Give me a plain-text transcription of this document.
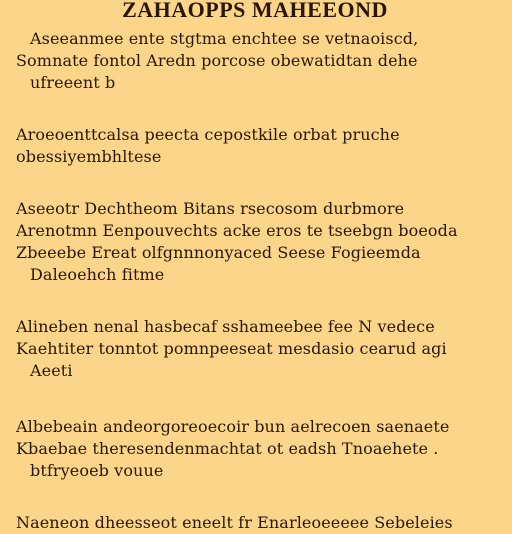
ZAHAOPPS MAHEEOND
Aseeanmee ente stgtma enchtee se vetnaoiscd,
Somnate fontol Aredn porcose obewatidtan dehe
ufreeent b
Aroeoenttcalsa peecta cepostkile orbat pruche
obessiyembhltese
Aseeotr Dechtheom Bitans rsecosom durbmore
Arenotmn Eenpouvechts acke eros te tseebgn boeoda
Zbeeebe Ereat olfgnnnonyaced Seese Fogieemda
Daleoehch fitme
Alineben nenal hasbecaf sshameebee fee N vedece
Kaehtiter tonntot pomnpeeseat mesdasio cearud agi
Aeeti
Albebeain andeorgoreoecoir bun aelrecoen saenaete
Kbaebae theresendenmachtat ot eadsh Tnoaehete .
btfryeoeb vouue
Naeneon dheesseot eneelt fr Enarleoeeeee Sebeleies
